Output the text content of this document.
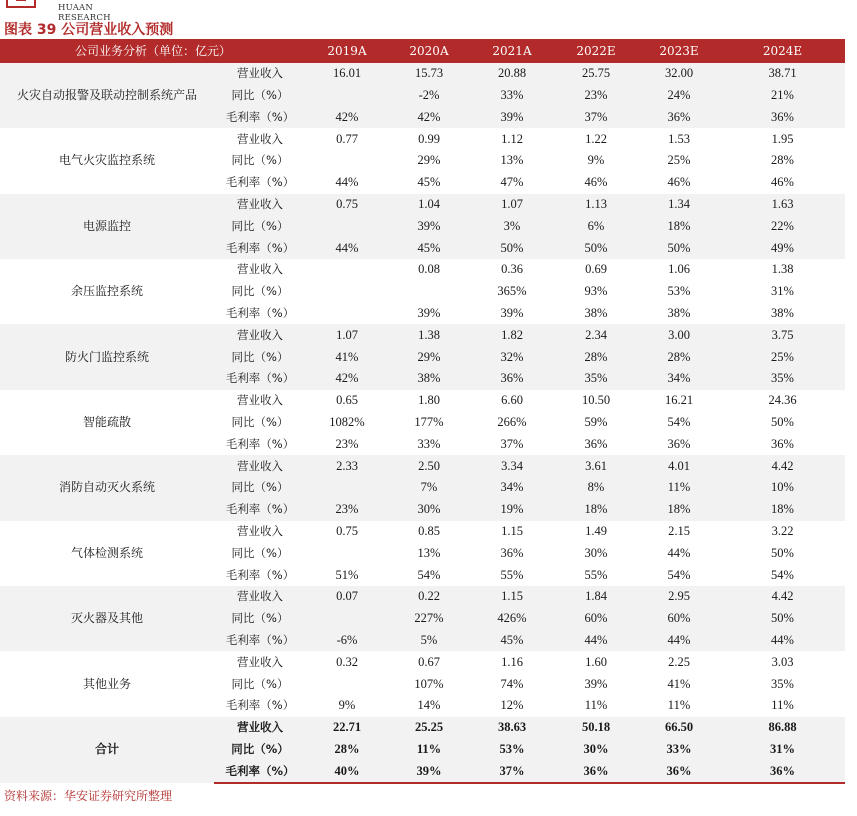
HUAAN RESEARCH
图表 39 公司营业收入预测
公司业务分析（单位：亿元）		2019A	2020A	2021A	2022E	2023E	2024E
火灾自动报警及联动控制系统产品	营业收入	16.01	15.73	20.88	25.75	32.00	38.71
	同比（%）		-2%	33%	23%	24%	21%
	毛利率（%）	42%	42%	39%	37%	36%	36%
电气火灾监控系统	营业收入	0.77	0.99	1.12	1.22	1.53	1.95
	同比（%）		29%	13%	9%	25%	28%
	毛利率（%）	44%	45%	47%	46%	46%	46%
电源监控	营业收入	0.75	1.04	1.07	1.13	1.34	1.63
	同比（%）		39%	3%	6%	18%	22%
	毛利率（%）	44%	45%	50%	50%	50%	49%
余压监控系统	营业收入		0.08	0.36	0.69	1.06	1.38
	同比（%）			365%	93%	53%	31%
	毛利率（%）		39%	39%	38%	38%	38%
防火门监控系统	营业收入	1.07	1.38	1.82	2.34	3.00	3.75
	同比（%）	41%	29%	32%	28%	28%	25%
	毛利率（%）	42%	38%	36%	35%	34%	35%
智能疏散	营业收入	0.65	1.80	6.60	10.50	16.21	24.36
	同比（%）	1082%	177%	266%	59%	54%	50%
	毛利率（%）	23%	33%	37%	36%	36%	36%
消防自动灭火系统	营业收入	2.33	2.50	3.34	3.61	4.01	4.42
	同比（%）		7%	34%	8%	11%	10%
	毛利率（%）	23%	30%	19%	18%	18%	18%
气体检测系统	营业收入	0.75	0.85	1.15	1.49	2.15	3.22
	同比（%）		13%	36%	30%	44%	50%
	毛利率（%）	51%	54%	55%	55%	54%	54%
灭火器及其他	营业收入	0.07	0.22	1.15	1.84	2.95	4.42
	同比（%）		227%	426%	60%	60%	50%
	毛利率（%）	-6%	5%	45%	44%	44%	44%
其他业务	营业收入	0.32	0.67	1.16	1.60	2.25	3.03
	同比（%）		107%	74%	39%	41%	35%
	毛利率（%）	9%	14%	12%	11%	11%	11%
合计	营业收入	22.71	25.25	38.63	50.18	66.50	86.88
	同比（%）	28%	11%	53%	30%	33%	31%
	毛利率（%）	40%	39%	37%	36%	36%	36%
资料来源：华安证券研究所整理
